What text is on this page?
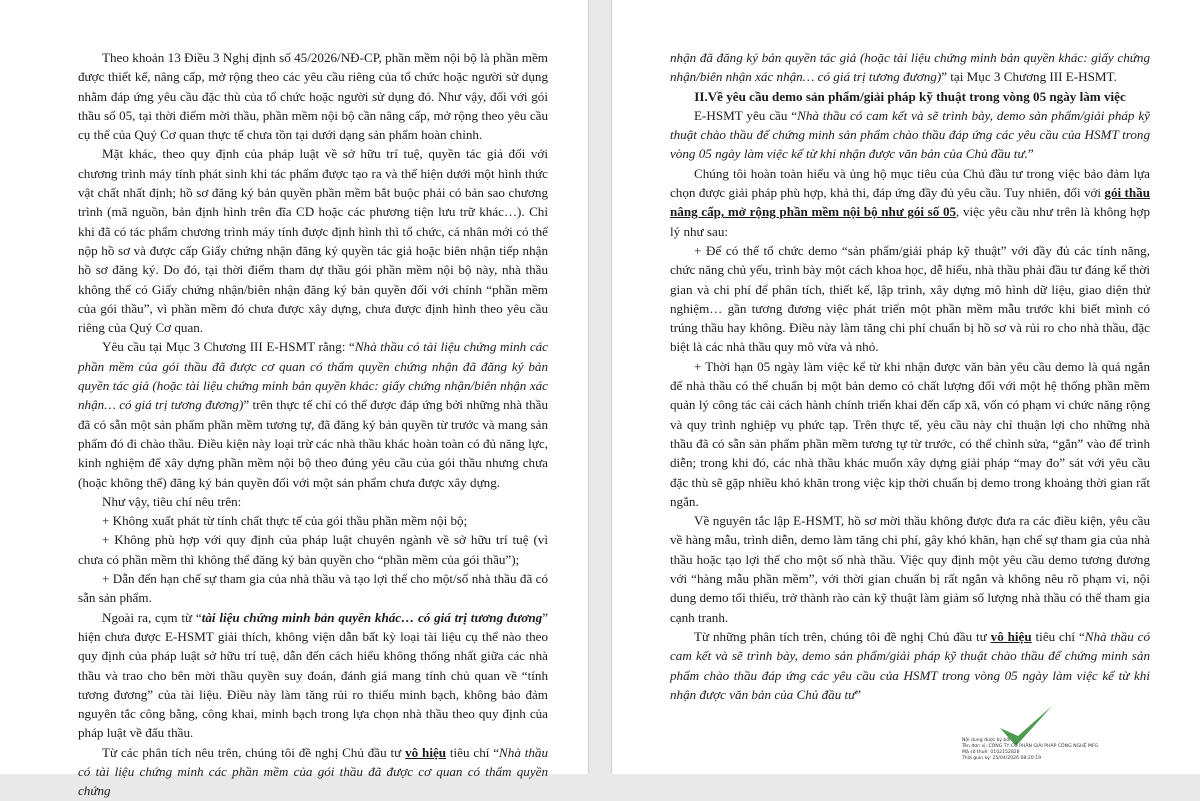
Theo khoản 13 Điều 3 Nghị định số 45/2026/NĐ-CP, phần mềm nội bộ là phần mềm được thiết kế, nâng cấp, mở rộng theo các yêu cầu riêng của tổ chức hoặc người sử dụng nhằm đáp ứng yêu cầu đặc thù của tổ chức hoặc người sử dụng đó. Như vậy, đối với gói thầu số 05, tại thời điểm mời thầu, phần mềm nội bộ cần nâng cấp, mở rộng theo yêu cầu cụ thể của Quý Cơ quan thực tế chưa tồn tại dưới dạng sản phẩm hoàn chỉnh.

Mặt khác, theo quy định của pháp luật về sở hữu trí tuệ, quyền tác giả đối với chương trình máy tính phát sinh khi tác phẩm được tạo ra và thể hiện dưới một hình thức vật chất nhất định; hồ sơ đăng ký bản quyền phần mềm bắt buộc phải có bản sao chương trình (mã nguồn, bản định hình trên đĩa CD hoặc các phương tiện lưu trữ khác…). Chỉ khi đã có tác phẩm chương trình máy tính được định hình thì tổ chức, cá nhân mới có thể nộp hồ sơ và được cấp Giấy chứng nhận đăng ký quyền tác giả hoặc biên nhận tiếp nhận hồ sơ đăng ký. Do đó, tại thời điểm tham dự thầu gói phần mềm nội bộ này, nhà thầu không thể có Giấy chứng nhận/biên nhận đăng ký bản quyền đối với chính “phần mềm của gói thầu”, vì phần mềm đó chưa được xây dựng, chưa được định hình theo yêu cầu riêng của Quý Cơ quan.

Yêu cầu tại Mục 3 Chương III E-HSMT rằng: “Nhà thầu có tài liệu chứng minh các phần mềm của gói thầu đã được cơ quan có thẩm quyền chứng nhận đã đăng ký bản quyền tác giả (hoặc tài liệu chứng minh bản quyền khác: giấy chứng nhận/biên nhận xác nhận… có giá trị tương đương)” trên thực tế chỉ có thể được đáp ứng bởi những nhà thầu đã có sẵn một sản phẩm phần mềm tương tự, đã đăng ký bản quyền từ trước và mang sản phẩm đó đi chào thầu. Điều kiện này loại trừ các nhà thầu khác hoàn toàn có đủ năng lực, kinh nghiệm để xây dựng phần mềm nội bộ theo đúng yêu cầu của gói thầu nhưng chưa (hoặc không thể) đăng ký bản quyền đối với một sản phẩm chưa được xây dựng.

Như vậy, tiêu chí nêu trên:

+ Không xuất phát từ tính chất thực tế của gói thầu phần mềm nội bộ;

+ Không phù hợp với quy định của pháp luật chuyên ngành về sở hữu trí tuệ (vì chưa có phần mềm thì không thể đăng ký bản quyền cho “phần mềm của gói thầu”);

+ Dẫn đến hạn chế sự tham gia của nhà thầu và tạo lợi thế cho một/số nhà thầu đã có sẵn sản phẩm.

Ngoài ra, cụm từ “tài liệu chứng minh bản quyền khác… có giá trị tương đương” hiện chưa được E-HSMT giải thích, không viện dẫn bất kỳ loại tài liệu cụ thể nào theo quy định của pháp luật sở hữu trí tuệ, dẫn đến cách hiểu không thống nhất giữa các nhà thầu và trao cho bên mời thầu quyền suy đoán, đánh giá mang tính chủ quan về “tính tương đương” của tài liệu. Điều này làm tăng rủi ro thiếu minh bạch, không bảo đảm nguyên tắc công bằng, công khai, minh bạch trong lựa chọn nhà thầu theo quy định của pháp luật về đấu thầu.

Từ các phân tích nêu trên, chúng tôi đề nghị Chủ đầu tư vô hiệu tiêu chí “Nhà thầu có tài liệu chứng minh các phần mềm của gói thầu đã được cơ quan có thẩm quyền chứng

nhận đã đăng ký bản quyền tác giả (hoặc tài liệu chứng minh bản quyền khác: giấy chứng nhận/biên nhận xác nhận… có giá trị tương đương)” tại Mục 3 Chương III E-HSMT.

II.Về yêu cầu demo sản phẩm/giải pháp kỹ thuật trong vòng 05 ngày làm việc

E-HSMT yêu cầu “Nhà thầu có cam kết và sẽ trình bày, demo sản phẩm/giải pháp kỹ thuật chào thầu để chứng minh sản phẩm chào thầu đáp ứng các yêu cầu của HSMT trong vòng 05 ngày làm việc kể từ khi nhận được văn bản của Chủ đầu tư.”

Chúng tôi hoàn toàn hiểu và ủng hộ mục tiêu của Chủ đầu tư trong việc bảo đảm lựa chọn được giải pháp phù hợp, khả thi, đáp ứng đầy đủ yêu cầu. Tuy nhiên, đối với gói thầu nâng cấp, mở rộng phần mềm nội bộ như gói số 05, việc yêu cầu như trên là không hợp lý như sau:

+ Để có thể tổ chức demo “sản phẩm/giải pháp kỹ thuật” với đầy đủ các tính năng, chức năng chủ yếu, trình bày một cách khoa học, dễ hiểu, nhà thầu phải đầu tư đáng kể thời gian và chi phí để phân tích, thiết kế, lập trình, xây dựng mô hình dữ liệu, giao diện thử nghiệm… gần tương đương việc phát triển một phần mềm mẫu trước khi biết mình có trúng thầu hay không. Điều này làm tăng chi phí chuẩn bị hồ sơ và rủi ro cho nhà thầu, đặc biệt là các nhà thầu quy mô vừa và nhỏ.

+ Thời hạn 05 ngày làm việc kể từ khi nhận được văn bản yêu cầu demo là quá ngắn để nhà thầu có thể chuẩn bị một bản demo có chất lượng đối với một hệ thống phần mềm quản lý công tác cải cách hành chính triển khai đến cấp xã, vốn có phạm vi chức năng rộng và quy trình nghiệp vụ phức tạp. Trên thực tế, yêu cầu này chỉ thuận lợi cho những nhà thầu đã có sẵn sản phẩm phần mềm tương tự từ trước, có thể chỉnh sửa, “gắn” vào để trình diễn; trong khi đó, các nhà thầu khác muốn xây dựng giải pháp “may đo” sát với yêu cầu đặc thù sẽ gặp nhiều khó khăn trong việc kịp thời chuẩn bị demo trong khoảng thời gian rất ngắn.

Về nguyên tắc lập E-HSMT, hồ sơ mời thầu không được đưa ra các điều kiện, yêu cầu về hàng mẫu, trình diễn, demo làm tăng chi phí, gây khó khăn, hạn chế sự tham gia của nhà thầu hoặc tạo lợi thế cho một số nhà thầu. Việc quy định một yêu cầu demo tương đương với “hàng mẫu phần mềm”, với thời gian chuẩn bị rất ngắn và không nêu rõ phạm vi, nội dung demo tối thiểu, trở thành rào cản kỹ thuật làm giảm số lượng nhà thầu có thể tham gia cạnh tranh.

Từ những phân tích trên, chúng tôi đề nghị Chủ đầu tư vô hiệu tiêu chí “Nhà thầu có cam kết và sẽ trình bày, demo sản phẩm/giải pháp kỹ thuật chào thầu để chứng minh sản phẩm chào thầu đáp ứng các yêu cầu của HSMT trong vòng 05 ngày làm việc kể từ khi nhận được văn bản của Chủ đầu tư”

Nội dung được ký bởi
Tên đơn vị: CÔNG TY CỔ PHẦN GIẢI PHÁP CÔNG NGHỆ MFG
Mã số thuế: 0102152828
Thời gian ký: 25/04/2026 08:20:19
